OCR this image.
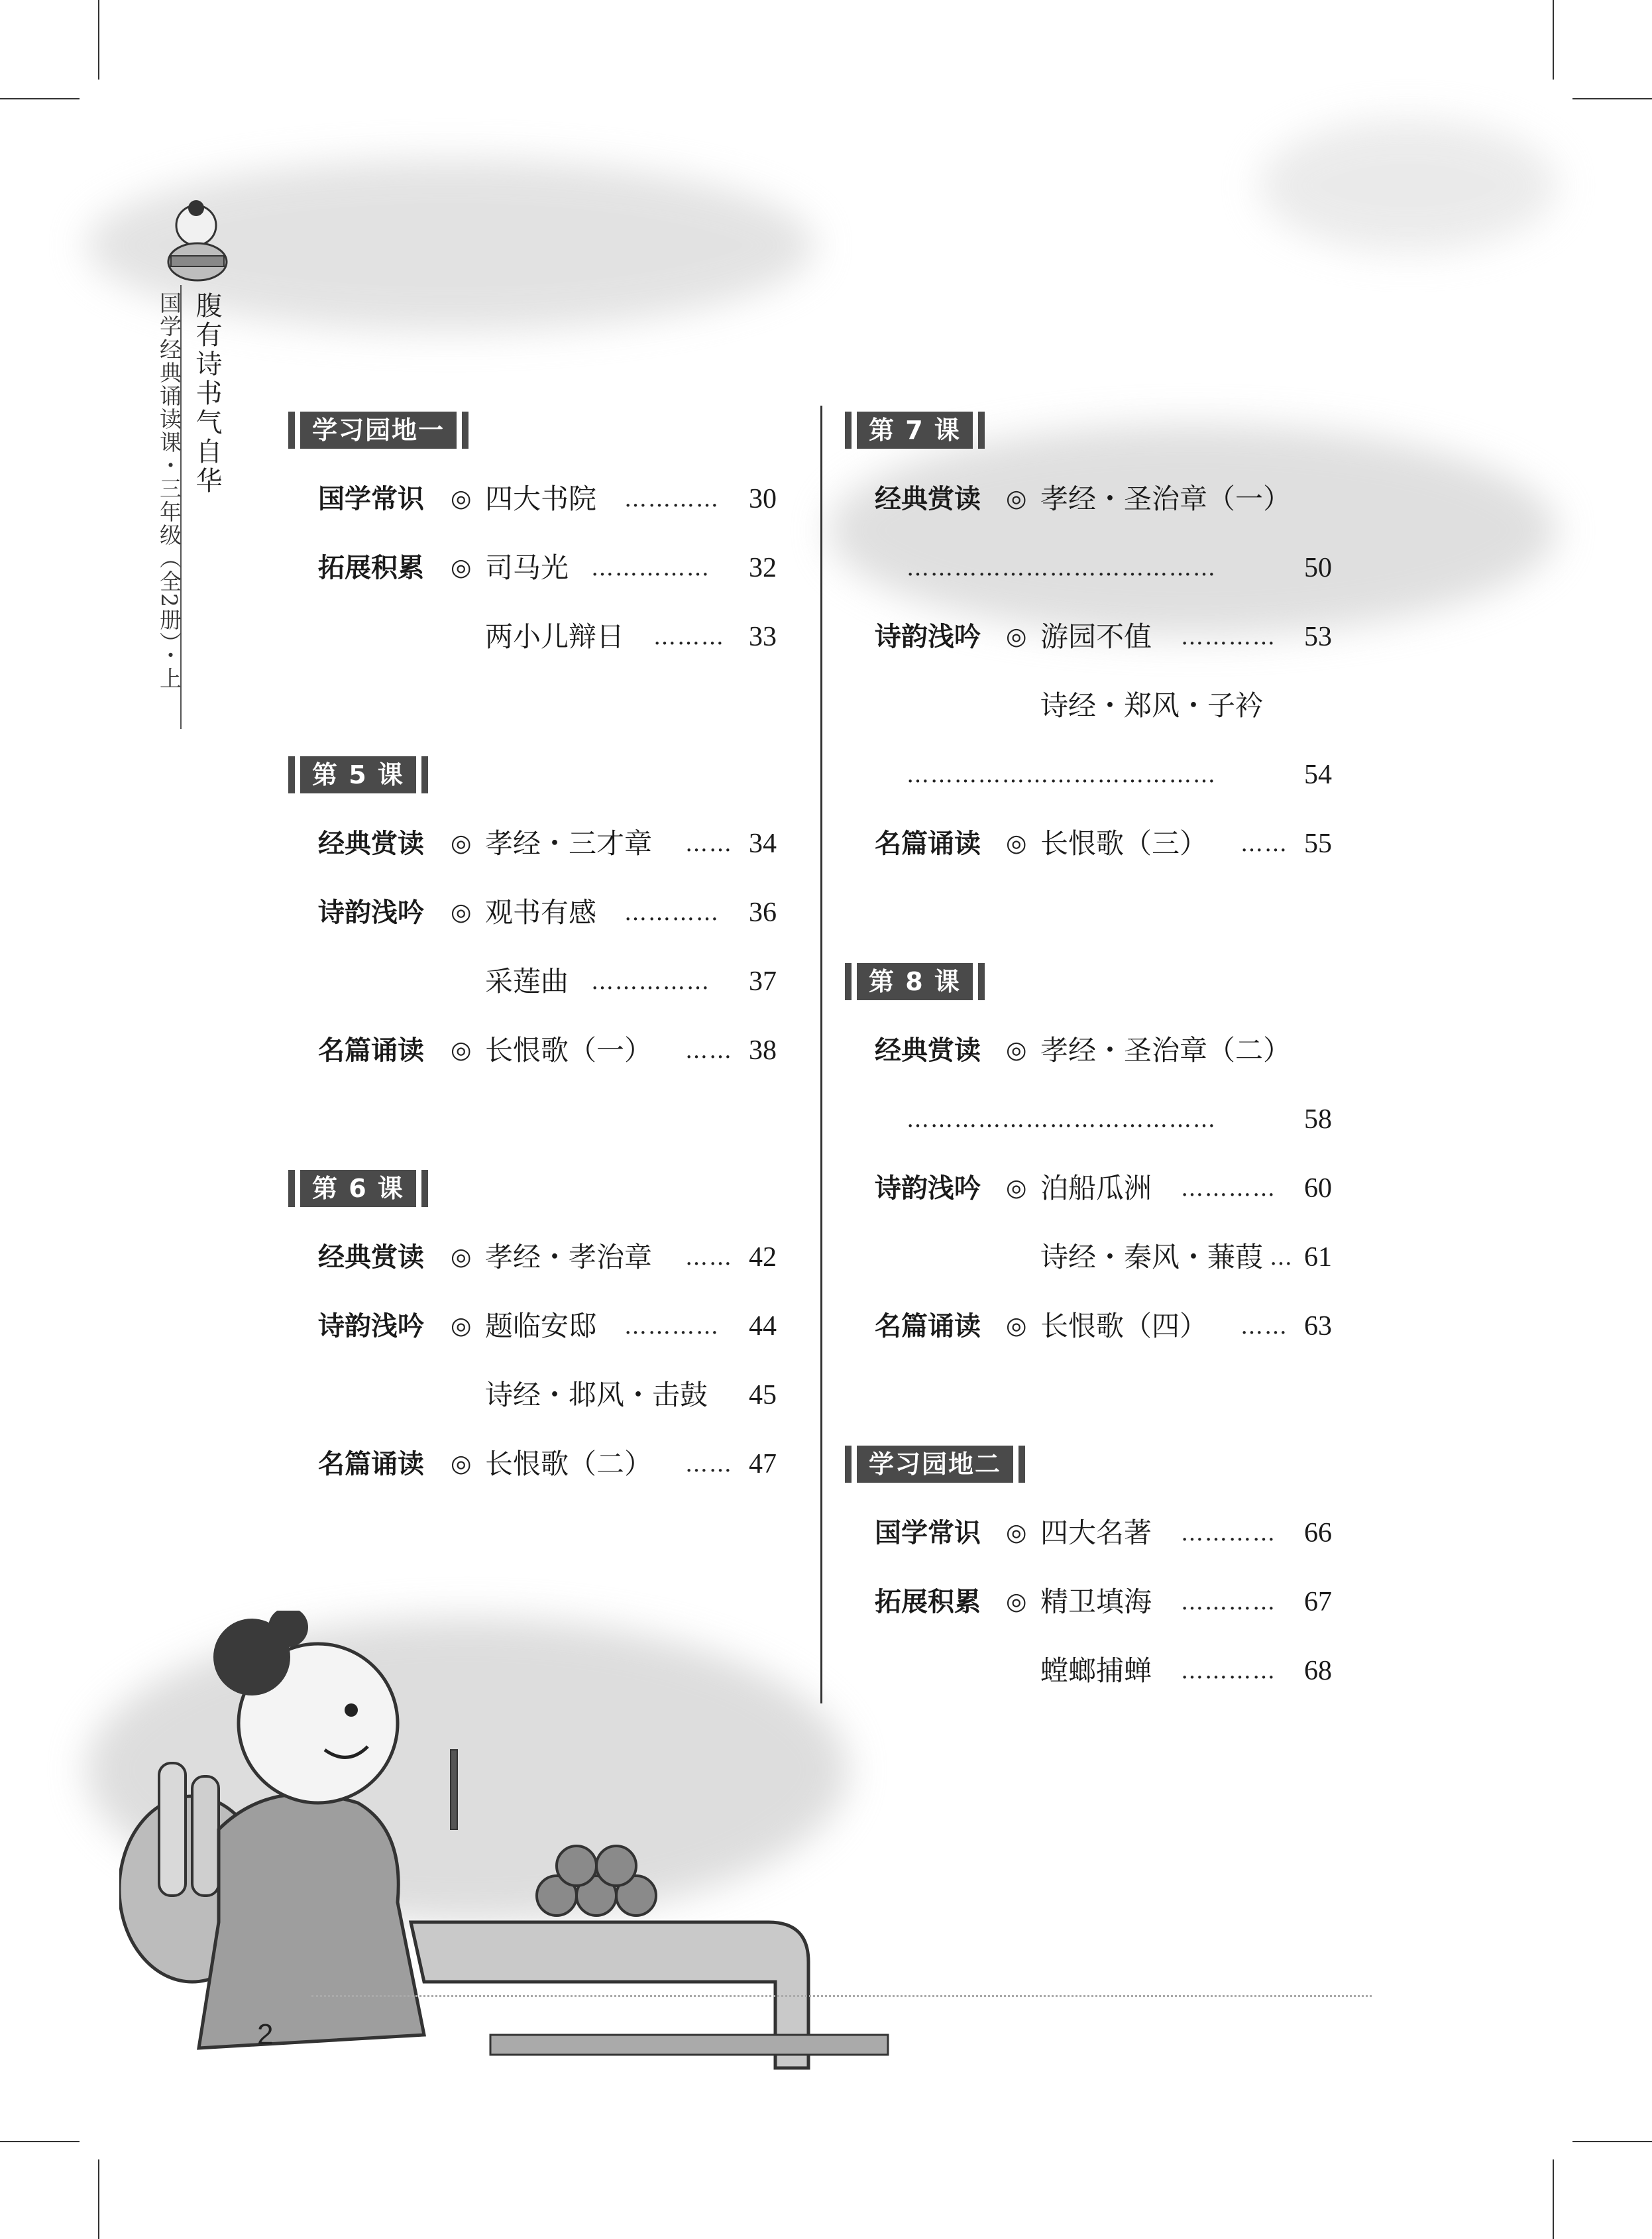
腹有诗书气自华
国学经典诵读课・三年级（全2册）・上	学习园地一
国学常识 ◎ 四大书院 ………… 30
拓展积累 ◎ 司马光 …………… 32
两小儿辩日 ……… 33
第 5 课
经典赏读 ◎ 孝经・三才章 …… 34
诗韵浅吟 ◎ 观书有感 ………… 36
采莲曲 …………… 37
名篇诵读 ◎ 长恨歌（一） …… 38
第 6 课
经典赏读 ◎ 孝经・孝治章 …… 42
诗韵浅吟 ◎ 题临安邸 ………… 44
诗经・邶风・击鼓 45
名篇诵读 ◎ 长恨歌（二） …… 47
第 7 课
经典赏读 ◎ 孝经・圣治章（一）
…………………………………	50
诗韵浅吟 ◎ 游园不值 ………… 53
诗经・郑风・子衿
…………………………………	54
名篇诵读 ◎ 长恨歌（三） …… 55
第 8 课
经典赏读 ◎ 孝经・圣治章（二）
…………………………………	58
诗韵浅吟 ◎ 泊船瓜洲 ………… 60
诗经・秦风・蒹葭 … 61
名篇诵读 ◎ 长恨歌（四） …… 63
学习园地二
国学常识 ◎ 四大名著 ………… 66
拓展积累 ◎ 精卫填海 ………… 67
螳螂捕蝉 ………… 68
2
